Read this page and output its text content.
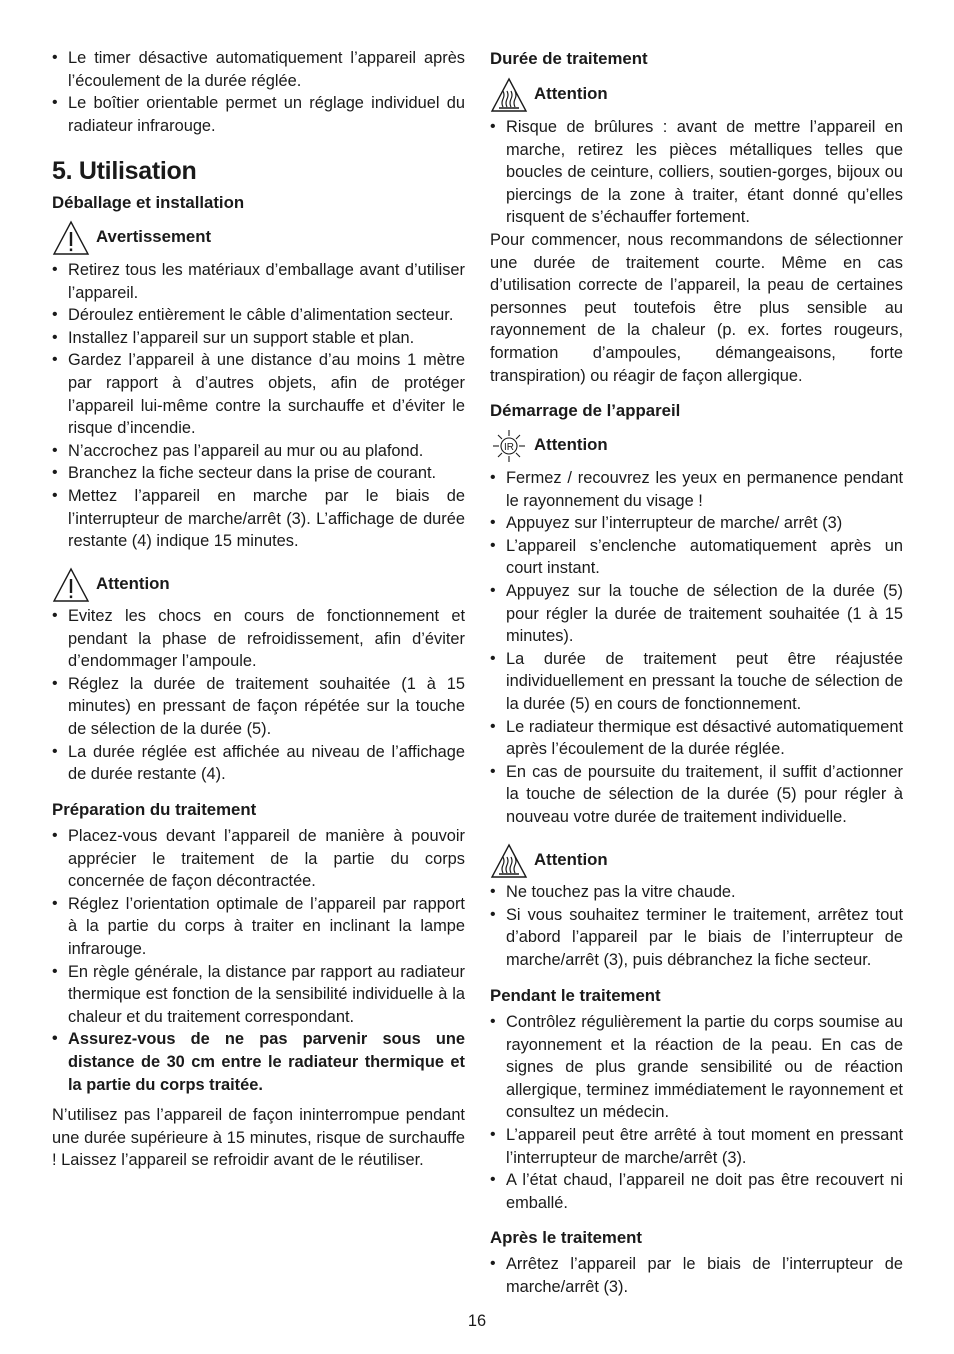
• Le timer désactive automatiquement l’appareil après l’écoulement de la durée réglée.
• Le boîtier orientable permet un réglage individuel du radiateur infrarouge.
5. Utilisation
Déballage et installation
Avertissement
• Retirez tous les matériaux d’emballage avant d’utiliser l’appareil.
• Déroulez entièrement le câble d’alimentation secteur.
• Installez l’appareil sur un support stable et plan.
• Gardez l’appareil à une distance d’au moins 1 mètre par rapport à d’autres objets, afin de protéger l’appareil lui-même contre la surchauffe et d’éviter le risque d’incendie.
• N’accrochez pas l’appareil au mur ou au plafond.
• Branchez la fiche secteur dans la prise de courant.
• Mettez l’appareil en marche par le biais de l’interrupteur de marche/arrêt (3). L’affichage de durée restante (4) indique 15 minutes.
Attention
• Evitez les chocs en cours de fonctionnement et pendant la phase de refroidissement, afin d’éviter d’endommager l’ampoule.
• Réglez la durée de traitement souhaitée (1 à 15 minutes) en pressant de façon répétée sur la touche de sélection de la durée (5).
• La durée réglée est affichée au niveau de l’affichage de durée restante (4).
Préparation du traitement
• Placez-vous devant l’appareil de manière à pouvoir apprécier le traitement de la partie du corps concernée de façon décontractée.
• Réglez l’orientation optimale de l’appareil par rapport à la partie du corps à traiter en inclinant la lampe infrarouge.
• En règle générale, la distance par rapport au radiateur thermique est fonction de la sensibilité individuelle à la chaleur et du traitement correspondant.
• Assurez-vous de ne pas parvenir sous une distance de 30 cm entre le radiateur thermique et la partie du corps traitée.

N’utilisez pas l’appareil de façon ininterrompue pendant une durée supérieure à 15 minutes, risque de surchauffe ! Laissez l’appareil se refroidir avant de le réutiliser.

Durée de traitement
Attention
• Risque de brûlures : avant de mettre l’appareil en marche, retirez les pièces métalliques telles que boucles de ceinture, colliers, soutien-gorges, bijoux ou piercings de la zone à traiter, étant donné qu’elles risquent de s’échauffer fortement.

Pour commencer, nous recommandons de sélectionner une durée de traitement courte. Même en cas d’utilisation correcte de l’appareil, la peau de certaines personnes peut toutefois être plus sensible au rayonnement de la chaleur (p. ex. fortes rougeurs, formation d’ampoules, démangeaisons, forte transpiration) ou réagir de façon allergique.

Démarrage de l’appareil
IR Attention
• Fermez / recouvrez les yeux en permanence pendant le rayonnement du visage !
• Appuyez sur l’interrupteur de marche/ arrêt (3)
• L’appareil s’enclenche automatiquement après un court instant.
• Appuyez sur la touche de sélection de la durée (5) pour régler la durée de traitement souhaitée (1 à 15 minutes).
• La durée de traitement peut être réajustée individuellement en pressant la touche de sélection de la durée (5) en cours de fonctionnement.
• Le radiateur thermique est désactivé automatiquement après l’écoulement de la durée réglée.
• En cas de poursuite du traitement, il suffit d’actionner la touche de sélection de la durée (5) pour régler à nouveau votre durée de traitement individuelle.
Attention
• Ne touchez pas la vitre chaude.
• Si vous souhaitez terminer le traitement, arrêtez tout d’abord l’appareil par le biais de l’interrupteur de marche/arrêt (3), puis débranchez la fiche secteur.
Pendant le traitement
• Contrôlez régulièrement la partie du corps soumise au rayonnement et la réaction de la peau. En cas de signes de plus grande sensibilité ou de réaction allergique, terminez immédiatement le rayonnement et consultez un médecin.
• L’appareil peut être arrêté à tout moment en pressant l’interrupteur de marche/arrêt (3).
• A l’état chaud, l’appareil ne doit pas être recouvert ni emballé.
Après le traitement
• Arrêtez l’appareil par le biais de l’interrupteur de marche/arrêt (3).
16
